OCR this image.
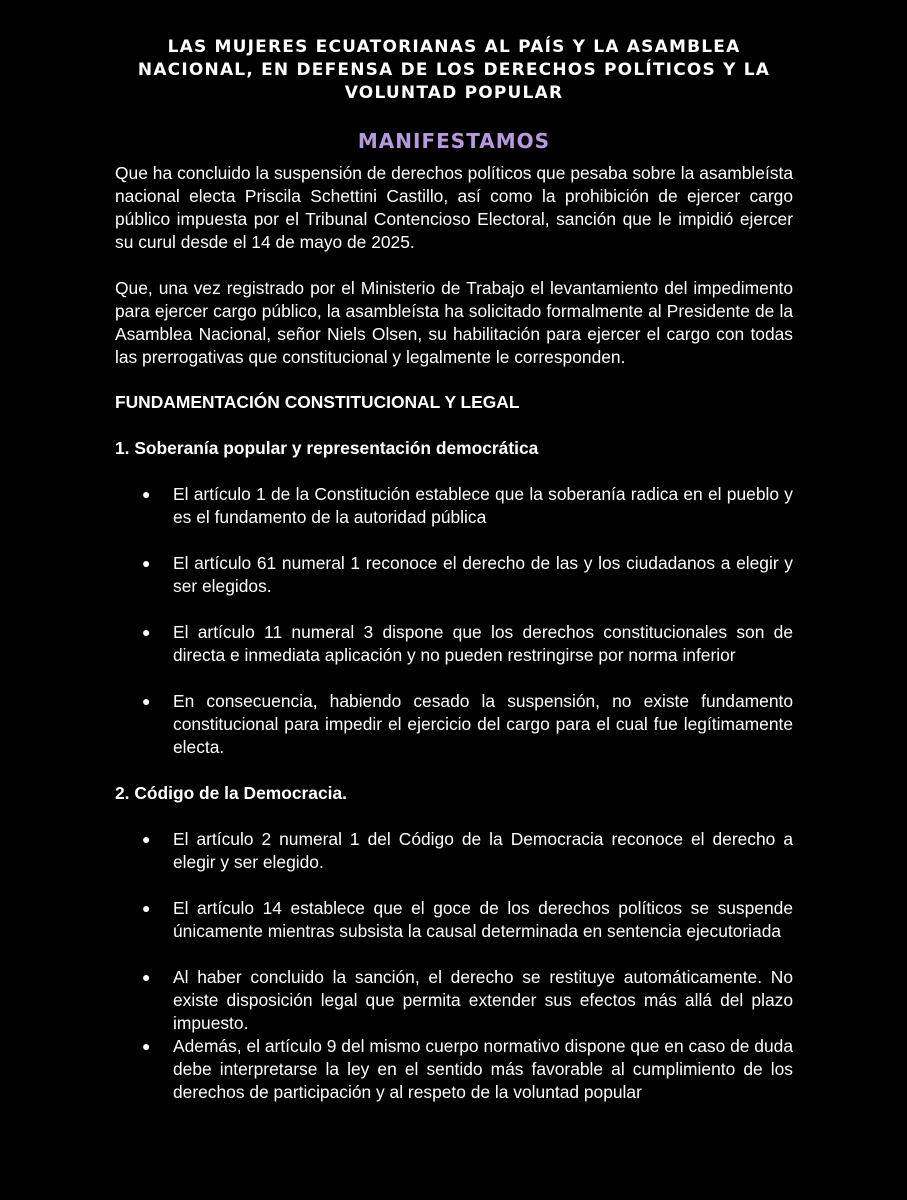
LAS MUJERES ECUATORIANAS AL PAÍS Y LA ASAMBLEA NACIONAL, EN DEFENSA DE LOS DERECHOS POLÍTICOS Y LA VOLUNTAD POPULAR
MANIFESTAMOS

Que ha concluido la suspensión de derechos políticos que pesaba sobre la asambleísta nacional electa Priscila Schettini Castillo, así como la prohibición de ejercer cargo público impuesta por el Tribunal Contencioso Electoral, sanción que le impidió ejercer su curul desde el 14 de mayo de 2025.

Que, una vez registrado por el Ministerio de Trabajo el levantamiento del impedimento para ejercer cargo público, la asambleísta ha solicitado formalmente al Presidente de la Asamblea Nacional, señor Niels Olsen, su habilitación para ejercer el cargo con todas las prerrogativas que constitucional y legalmente le corresponden.

FUNDAMENTACIÓN CONSTITUCIONAL Y LEGAL
1. Soberanía popular y representación democrática
● El artículo 1 de la Constitución establece que la soberanía radica en el pueblo y es el fundamento de la autoridad pública
● El artículo 61 numeral 1 reconoce el derecho de las y los ciudadanos a elegir y ser elegidos.
● El artículo 11 numeral 3 dispone que los derechos constitucionales son de directa e inmediata aplicación y no pueden restringirse por norma inferior
● En consecuencia, habiendo cesado la suspensión, no existe fundamento constitucional para impedir el ejercicio del cargo para el cual fue legítimamente electa.
2. Código de la Democracia.
● El artículo 2 numeral 1 del Código de la Democracia reconoce el derecho a elegir y ser elegido.
● El artículo 14 establece que el goce de los derechos políticos se suspende únicamente mientras subsista la causal determinada en sentencia ejecutoriada
● Al haber concluido la sanción, el derecho se restituye automáticamente. No existe disposición legal que permita extender sus efectos más allá del plazo impuesto.
● Además, el artículo 9 del mismo cuerpo normativo dispone que en caso de duda debe interpretarse la ley en el sentido más favorable al cumplimiento de los derechos de participación y al respeto de la voluntad popular
